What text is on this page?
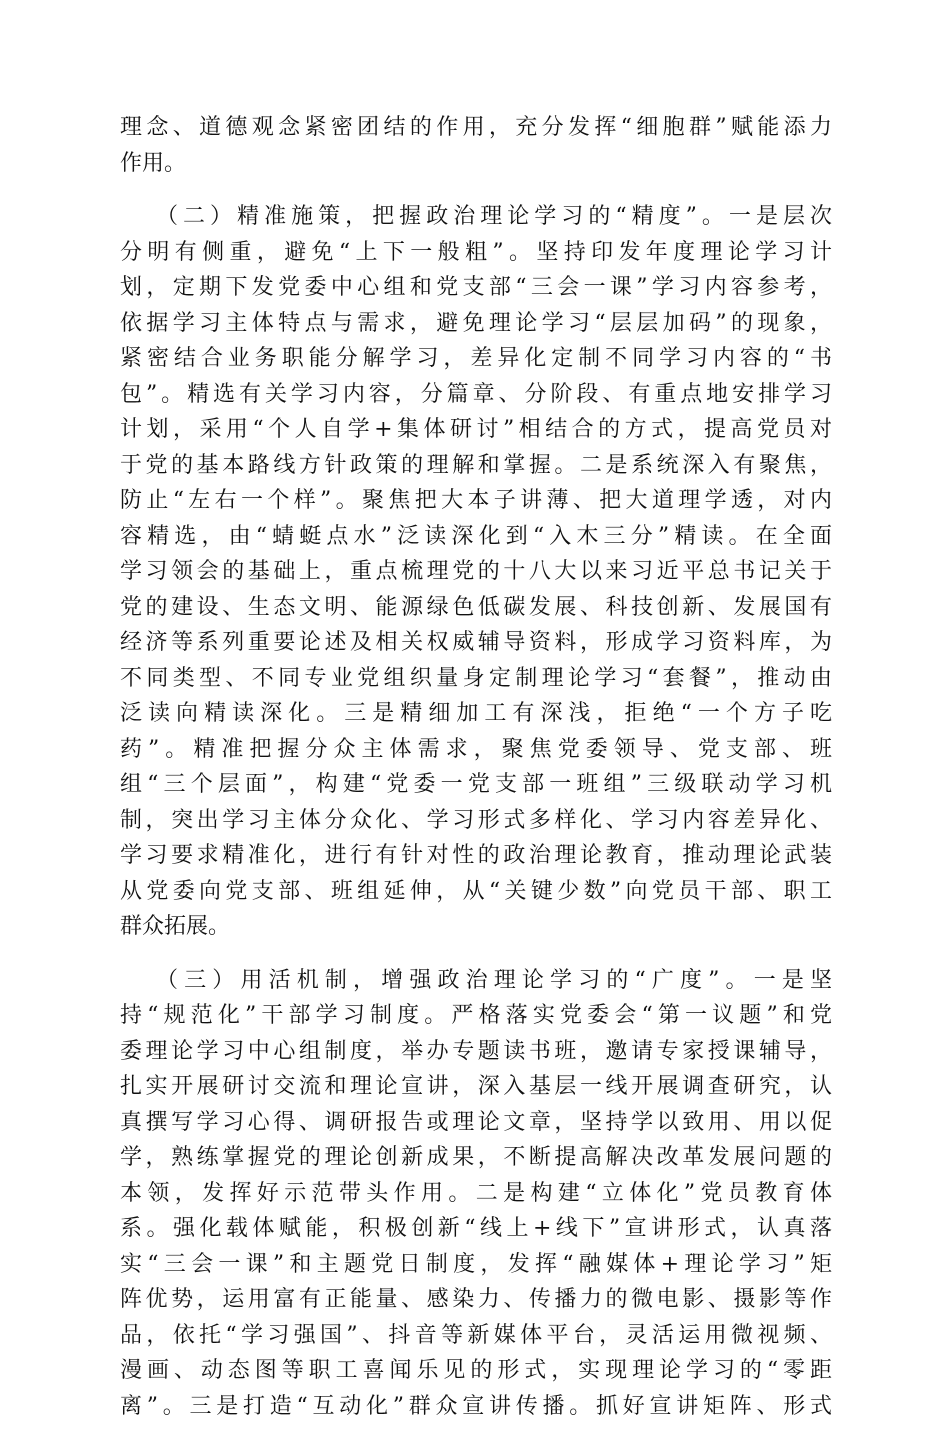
理念、道德观念紧密团结的作用，充分发挥“细胞群”赋能添力
作用。
（二）精准施策，把握政治理论学习的“精度”。一是层次
分明有侧重，避免“上下一般粗”。坚持印发年度理论学习计
划，定期下发党委中心组和党支部“三会一课”学习内容参考，
依据学习主体特点与需求，避免理论学习“层层加码”的现象，
紧密结合业务职能分解学习，差异化定制不同学习内容的“书
包”。精选有关学习内容，分篇章、分阶段、有重点地安排学习
计划，采用“个人自学+集体研讨”相结合的方式，提高党员对
于党的基本路线方针政策的理解和掌握。二是系统深入有聚焦，
防止“左右一个样”。聚焦把大本子讲薄、把大道理学透，对内
容精选，由“蜻蜓点水”泛读深化到“入木三分”精读。在全面
学习领会的基础上，重点梳理党的十八大以来习近平总书记关于
党的建设、生态文明、能源绿色低碳发展、科技创新、发展国有
经济等系列重要论述及相关权威辅导资料，形成学习资料库，为
不同类型、不同专业党组织量身定制理论学习“套餐”，推动由
泛读向精读深化。三是精细加工有深浅，拒绝“一个方子吃
药”。精准把握分众主体需求，聚焦党委领导、党支部、班
组“三个层面”，构建“党委一党支部一班组”三级联动学习机
制，突出学习主体分众化、学习形式多样化、学习内容差异化、
学习要求精准化，进行有针对性的政治理论教育，推动理论武装
从党委向党支部、班组延伸，从“关键少数”向党员干部、职工
群众拓展。
（三）用活机制，增强政治理论学习的“广度”。一是坚
持“规范化”干部学习制度。严格落实党委会“第一议题”和党
委理论学习中心组制度，举办专题读书班，邀请专家授课辅导，
扎实开展研讨交流和理论宣讲，深入基层一线开展调查研究，认
真撰写学习心得、调研报告或理论文章，坚持学以致用、用以促
学，熟练掌握党的理论创新成果，不断提高解决改革发展问题的
本领，发挥好示范带头作用。二是构建“立体化”党员教育体
系。强化载体赋能，积极创新“线上+线下”宣讲形式，认真落
实“三会一课”和主题党日制度，发挥“融媒体+理论学习”矩
阵优势，运用富有正能量、感染力、传播力的微电影、摄影等作
品，依托“学习强国”、抖音等新媒体平台，灵活运用微视频、
漫画、动态图等职工喜闻乐见的形式，实现理论学习的“零距
离”。三是打造“互动化”群众宣讲传播。抓好宣讲矩阵、形式
